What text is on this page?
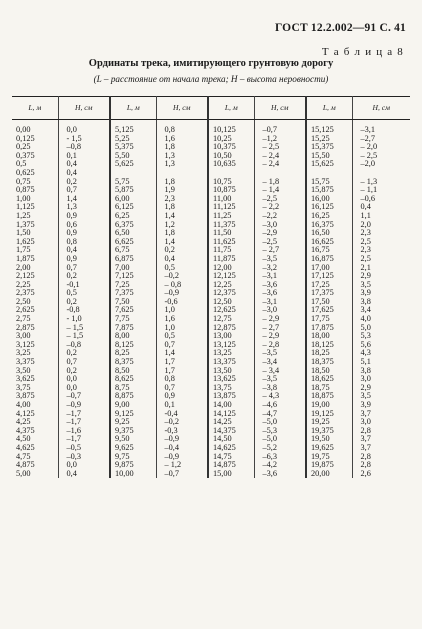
ГОСТ 12.2.002—91 С. 41
Т а б л и ц а 8
Ординаты трека, имитирующего грунтовую дорогу
(L – расстояние от начала трека; H – высота неровности)
L, м	H, см	L, м	H, см	L, м	H, см	L, м	H, см
0,00	0,0	5,125	0,8	10,125	–0,7	15,125	–3,1
0,125	- 1,5	5,25	1,6	10,25	–1,2	15,25	–2,7
0,25	–0,8	5,375	1,8	10,375	– 2,5	15,375	– 2,0
0,375	0,1	5,50	1,3	10,50	– 2,4	15,50	– 2,5
0,5	0,4	5,625	1,3	10,635	– 2,4	15,625	–2,0
0,625	0,4						

0,75	0,2	5,75	1,8	10,75	– 1,8	15,75	– 1,3
0,875	0,7	5,875	1,9	10,875	– 1,4	15,875	– 1,1
1,00	1,4	6,00	2,3	11,00	–2,5	16,00	–0,6
1,125	1,3	6,125	1,8	11,125	– 2,2	16,125	0,4
1,25	0,9	6,25	1,4	11,25	–2,2	16,25	1,1

1,375	0,6	6,375	1,2	11,375	–3,0	16,375	2,0
1,50	0,9	6,50	1,8	11,50	–2,9	16,50	2,3
1,625	0,8	6,625	1,4	11,625	–2,5	16,625	2,5
1,75	0,4	6,75	0,2	11,75	– 2,7	16,75	2,3
1,875	0,9	6,875	0,4	11,875	–3,5	16,875	2,5

2,00	0,7	7,00	0,5	12,00	–3,2	17,00	2,1
2,125	0,2	7,125	–0,2	12,125	–3,1	17,125	2,9
2,25	-0,1	7,25	– 0,8	12,25	–3,6	17,25	3,5
2,375	0,5	7,375	–0,9	12,375	–3,6	17,375	3,9
2,50	0,2	7,50	-0,6	12,50	–3,1	17,50	3,8

2,625	-0,8	7,625	1,0	12,625	–3,0	17,625	3,4
2,75	- 1,0	7,75	1,6	12,75	– 2,9	17,75	4,0
2,875	– 1,5	7,875	1,0	12,875	– 2,7	17,875	5,0
3,00	– 1,5	8,00	0,5	13,00	– 2,9	18,00	5,3
3,125	–0,8	8,125	0,7	13,125	– 2,8	18,125	5,6

3,25	0,2	8,25	1,4	13,25	–3,5	18,25	4,3
3,375	0,7	8,375	1,7	13,375	–3,4	18,375	5,1
3,50	0,2	8,50	1,7	13,50	– 3,4	18,50	3,8
3,625	0,0	8,625	0,8	13,625	–3,5	18,625	3,0
3,75	0,0	8,75	0,7	13,75	–3,8	18,75	2,9

3,875	–0,7	8,875	0,9	13,875	– 4,3	18,875	3,5
4,00	–0,9	9,00	0,1	14,00	–4,6	19,00	3,9
4,125	–1,7	9,125	-0,4	14,125	–4,7	19,125	3,7
4,25	–1,7	9,25	–0,2	14,25	–5,0	19,25	3,0
4,375	–1,6	9,375	-0,3	14,375	–5,3	19,375	2,8

4,50	–1,7	9,50	–0,9	14,50	–5,0	19,50	3,7
4,625	–0,5	9,625	–0,4	14,625	–5,2	19,625	3,7
4,75	–0,3	9,75	–0,9	14,75	–6,3	19,75	2,8
4,875	0,0	9,875	– 1,2	14,875	–4,2	19,875	2,8
5,00	0,4	10,00	–0,7	15,00	–3,6	20,00	2,6
